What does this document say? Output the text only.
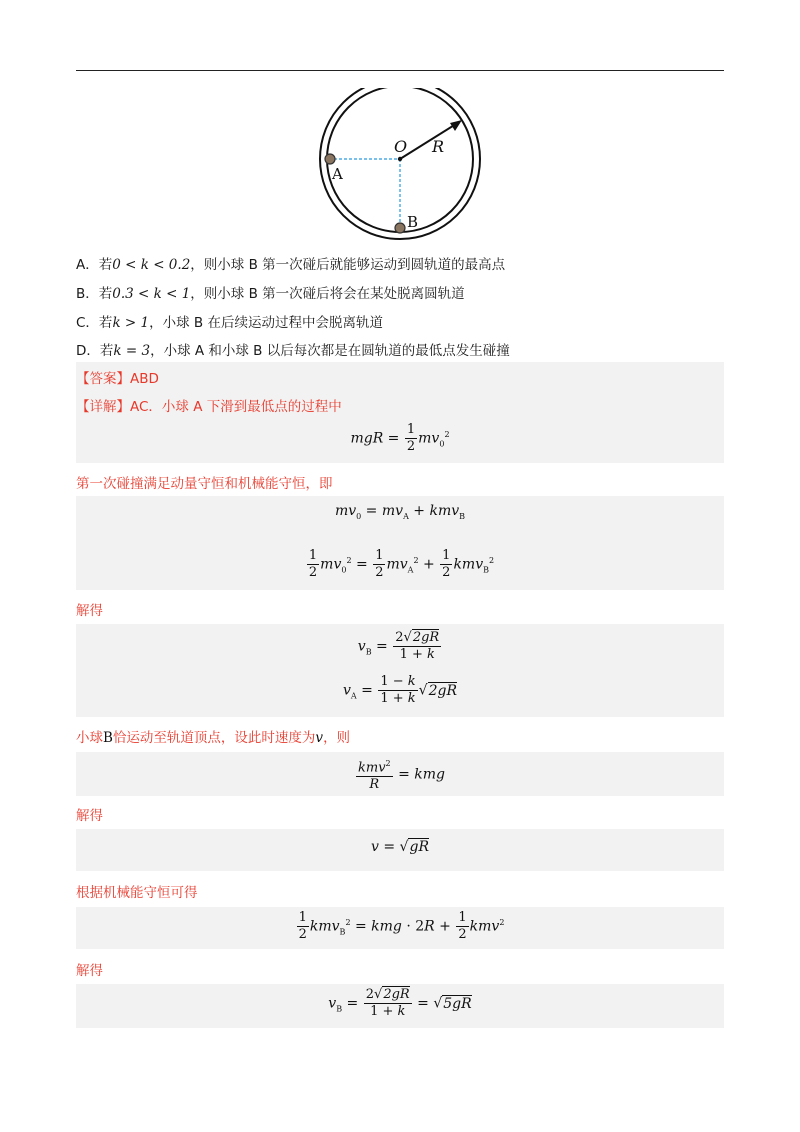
O R
A
B
A．若0 < k < 0.2，则小球 B 第一次碰后就能够运动到圆轨道的最高点
B．若0.3 < k < 1，则小球 B 第一次碰后将会在某处脱离圆轨道
C．若k > 1，小球 B 在后续运动过程中会脱离轨道
D．若k = 3，小球 A 和小球 B 以后每次都是在圆轨道的最低点发生碰撞
【答案】ABD
【详解】AC．小球 A 下滑到最低点的过程中
mgR = $\frac{1}{2} mv_0^2$
第一次碰撞满足动量守恒和机械能守恒，即
$mv_0 = mv_A + kmv_B$
$\frac{1}{2} mv_0^2 = \frac{1}{2} mv_A^2 + \frac{1}{2} kmv_B^2$
解得
$v_B = \frac{2√2gR}{1 + k}$
$v_A = \frac{1 - k}{1 + k} √2gR$
小球B恰运动至轨道顶点，设此时速度为v，则
$\frac{kmv^2}{R}$ = kmg
解得
v = √gR
根据机械能守恒可得
$\frac{1}{2} kmv_B^2$ = kmg · $2R + \frac{1}{2} kmv^2$
解得
$v_B = \frac{2√2gR}{1 + k} = √5gR$
